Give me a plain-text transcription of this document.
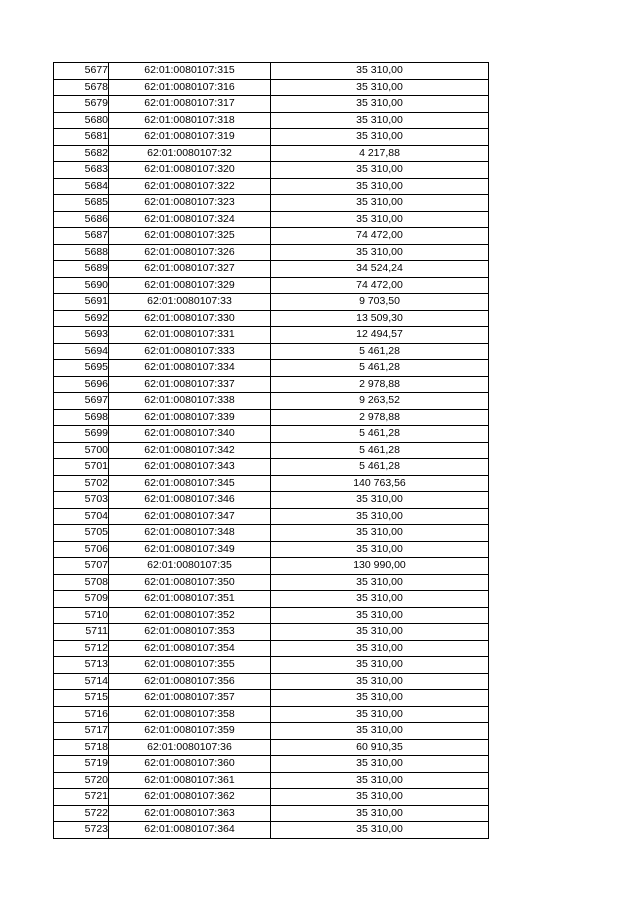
5677	62:01:0080107:315	35 310,00
5678	62:01:0080107:316	35 310,00
5679	62:01:0080107:317	35 310,00
5680	62:01:0080107:318	35 310,00
5681	62:01:0080107:319	35 310,00
5682	62:01:0080107:32	4 217,88
5683	62:01:0080107:320	35 310,00
5684	62:01:0080107:322	35 310,00
5685	62:01:0080107:323	35 310,00
5686	62:01:0080107:324	35 310,00
5687	62:01:0080107:325	74 472,00
5688	62:01:0080107:326	35 310,00
5689	62:01:0080107:327	34 524,24
5690	62:01:0080107:329	74 472,00
5691	62:01:0080107:33	9 703,50
5692	62:01:0080107:330	13 509,30
5693	62:01:0080107:331	12 494,57
5694	62:01:0080107:333	5 461,28
5695	62:01:0080107:334	5 461,28
5696	62:01:0080107:337	2 978,88
5697	62:01:0080107:338	9 263,52
5698	62:01:0080107:339	2 978,88
5699	62:01:0080107:340	5 461,28
5700	62:01:0080107:342	5 461,28
5701	62:01:0080107:343	5 461,28
5702	62:01:0080107:345	140 763,56
5703	62:01:0080107:346	35 310,00
5704	62:01:0080107:347	35 310,00
5705	62:01:0080107:348	35 310,00
5706	62:01:0080107:349	35 310,00
5707	62:01:0080107:35	130 990,00
5708	62:01:0080107:350	35 310,00
5709	62:01:0080107:351	35 310,00
5710	62:01:0080107:352	35 310,00
5711	62:01:0080107:353	35 310,00
5712	62:01:0080107:354	35 310,00
5713	62:01:0080107:355	35 310,00
5714	62:01:0080107:356	35 310,00
5715	62:01:0080107:357	35 310,00
5716	62:01:0080107:358	35 310,00
5717	62:01:0080107:359	35 310,00
5718	62:01:0080107:36	60 910,35
5719	62:01:0080107:360	35 310,00
5720	62:01:0080107:361	35 310,00
5721	62:01:0080107:362	35 310,00
5722	62:01:0080107:363	35 310,00
5723	62:01:0080107:364	35 310,00
